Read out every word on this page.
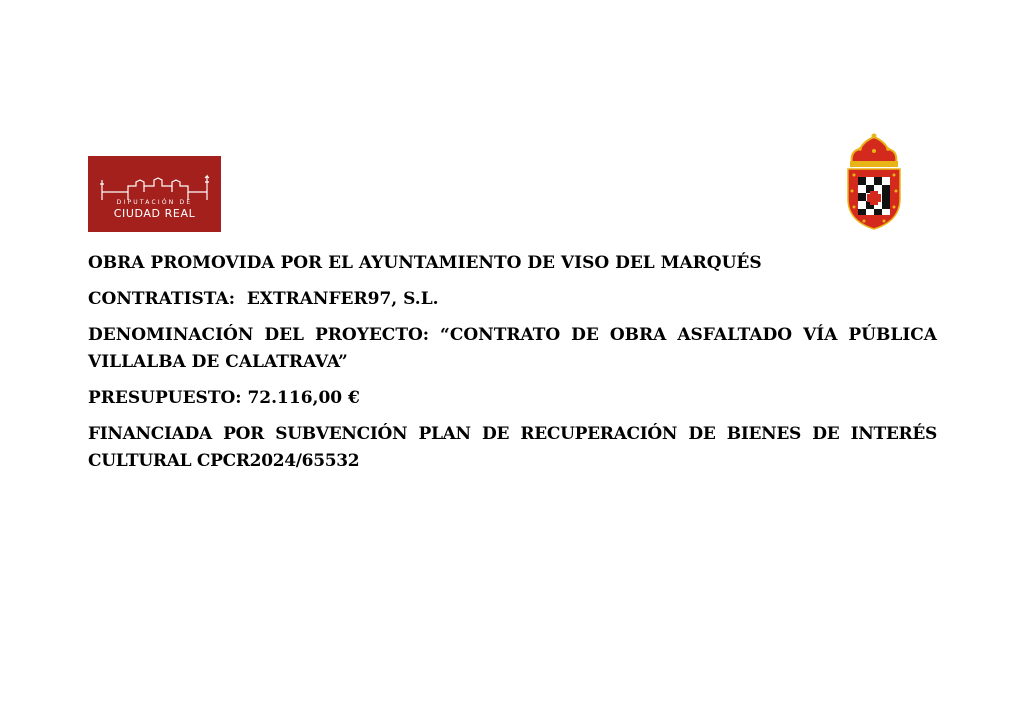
DIPUTACIÓN DE
CIUDAD REAL

OBRA PROMOVIDA POR EL AYUNTAMIENTO DE VISO DEL MARQUÉS

CONTRATISTA:  EXTRANFER97, S.L.

DENOMINACIÓN DEL PROYECTO: “CONTRATO DE OBRA ASFALTADO VÍA PÚBLICA VILLALBA DE CALATRAVA”

PRESUPUESTO: 72.116,00 €

FINANCIADA POR SUBVENCIÓN PLAN DE RECUPERACIÓN DE BIENES DE INTERÉS CULTURAL CPCR2024/65532
